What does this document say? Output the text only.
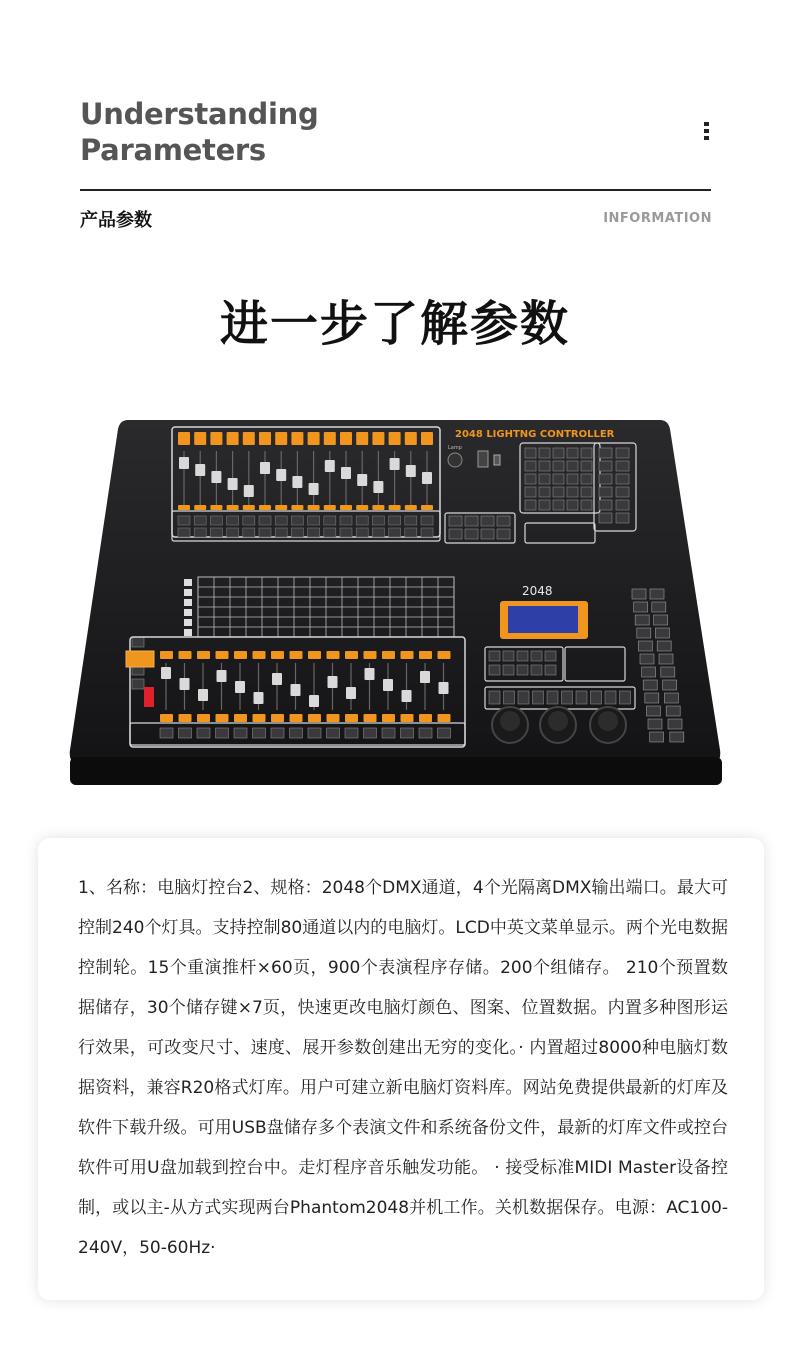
Understanding
Parameters
产品参数	INFORMATION
进一步了解参数
2048 LIGHTNG CONTROLLER
Lamp
2048
1、名称：电脑灯控台2、规格：2048个DMX通道，4个光隔离DMX输出端口。最大可控制240个灯具。支持控制80通道以内的电脑灯。LCD中英文菜单显示。两个光电数据控制轮。15个重演推杆×60页，900个表演程序存储。200个组储存。 210个预置数据储存，30个储存键×7页，快速更改电脑灯颜色、图案、位置数据。内置多种图形运行效果，可改变尺寸、速度、展开参数创建出无穷的变化。· 内置超过8000种电脑灯数据资料，兼容R20格式灯库。用户可建立新电脑灯资料库。网站免费提供最新的灯库及软件下载升级。可用USB盘储存多个表演文件和系统备份文件，最新的灯库文件或控台软件可用U盘加载到控台中。走灯程序音乐触发功能。 · 接受标准MIDI Master设备控制，或以主-从方式实现两台Phantom2048并机工作。关机数据保存。电源：AC100-240V，50-60Hz·
